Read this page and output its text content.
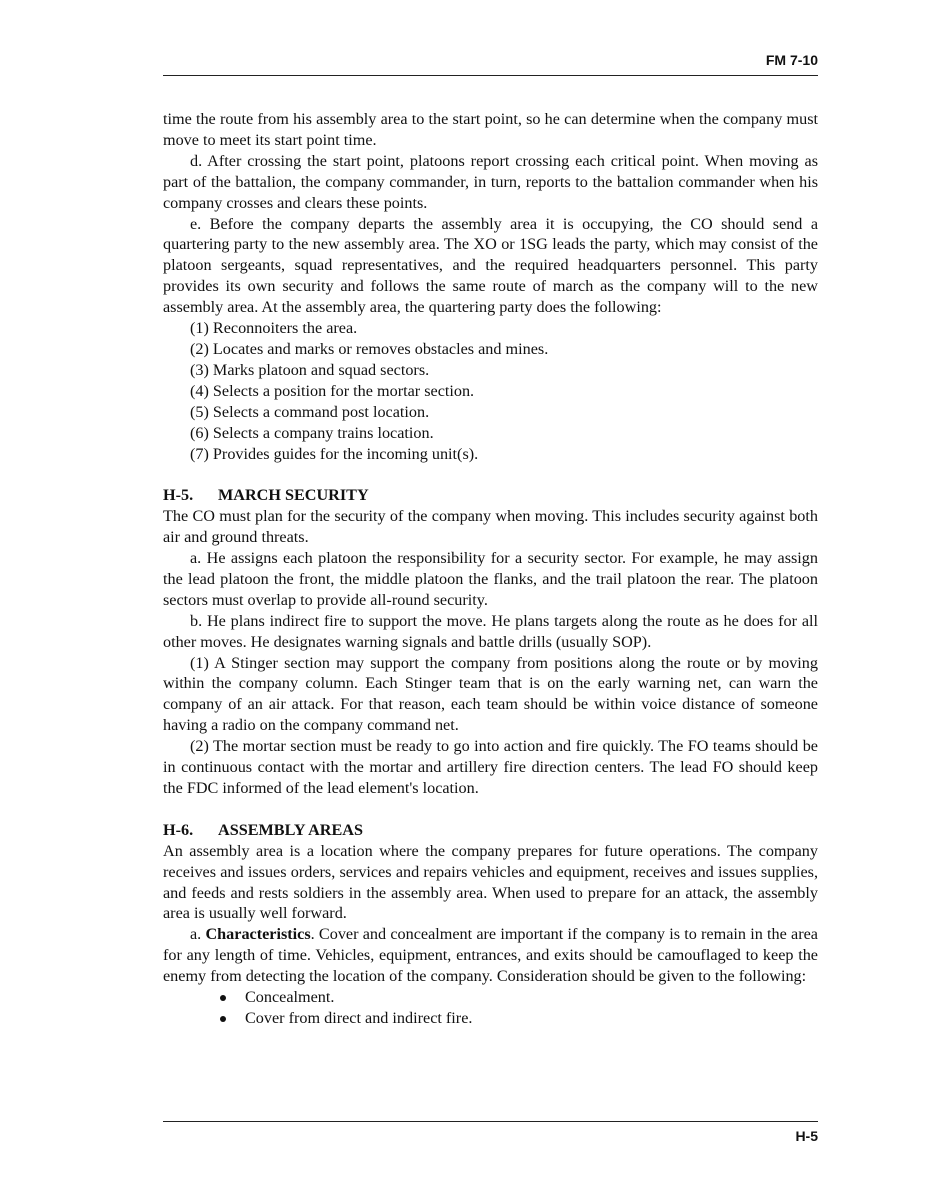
FM 7-10

time the route from his assembly area to the start point, so he can determine when the company must move to meet its start point time.

d. After crossing the start point, platoons report crossing each critical point. When moving as part of the battalion, the company commander, in turn, reports to the battalion commander when his company crosses and clears these points.

e. Before the company departs the assembly area it is occupying, the CO should send a quartering party to the new assembly area. The XO or 1SG leads the party, which may consist of the platoon sergeants, squad representatives, and the required headquarters personnel. This party provides its own security and follows the same route of march as the company will to the new assembly area. At the assembly area, the quartering party does the following:

(1) Reconnoiters the area.

(2) Locates and marks or removes obstacles and mines.

(3) Marks platoon and squad sectors.

(4) Selects a position for the mortar section.

(5) Selects a command post location.

(6) Selects a company trains location.

(7) Provides guides for the incoming unit(s).

H-5. MARCH SECURITY

The CO must plan for the security of the company when moving. This includes security against both air and ground threats.

a. He assigns each platoon the responsibility for a security sector. For example, he may assign the lead platoon the front, the middle platoon the flanks, and the trail platoon the rear. The platoon sectors must overlap to provide all-round security.

b. He plans indirect fire to support the move. He plans targets along the route as he does for all other moves. He designates warning signals and battle drills (usually SOP).

(1) A Stinger section may support the company from positions along the route or by moving within the company column. Each Stinger team that is on the early warning net, can warn the company of an air attack. For that reason, each team should be within voice distance of someone having a radio on the company command net.

(2) The mortar section must be ready to go into action and fire quickly. The FO teams should be in continuous contact with the mortar and artillery fire direction centers. The lead FO should keep the FDC informed of the lead element's location.

H-6. ASSEMBLY AREAS

An assembly area is a location where the company prepares for future operations. The company receives and issues orders, services and repairs vehicles and equipment, receives and issues supplies, and feeds and rests soldiers in the assembly area. When used to prepare for an attack, the assembly area is usually well forward.

a. Characteristics. Cover and concealment are important if the company is to remain in the area for any length of time. Vehicles, equipment, entrances, and exits should be camouflaged to keep the enemy from detecting the location of the company. Consideration should be given to the following:

Concealment.
Cover from direct and indirect fire.
H-5
